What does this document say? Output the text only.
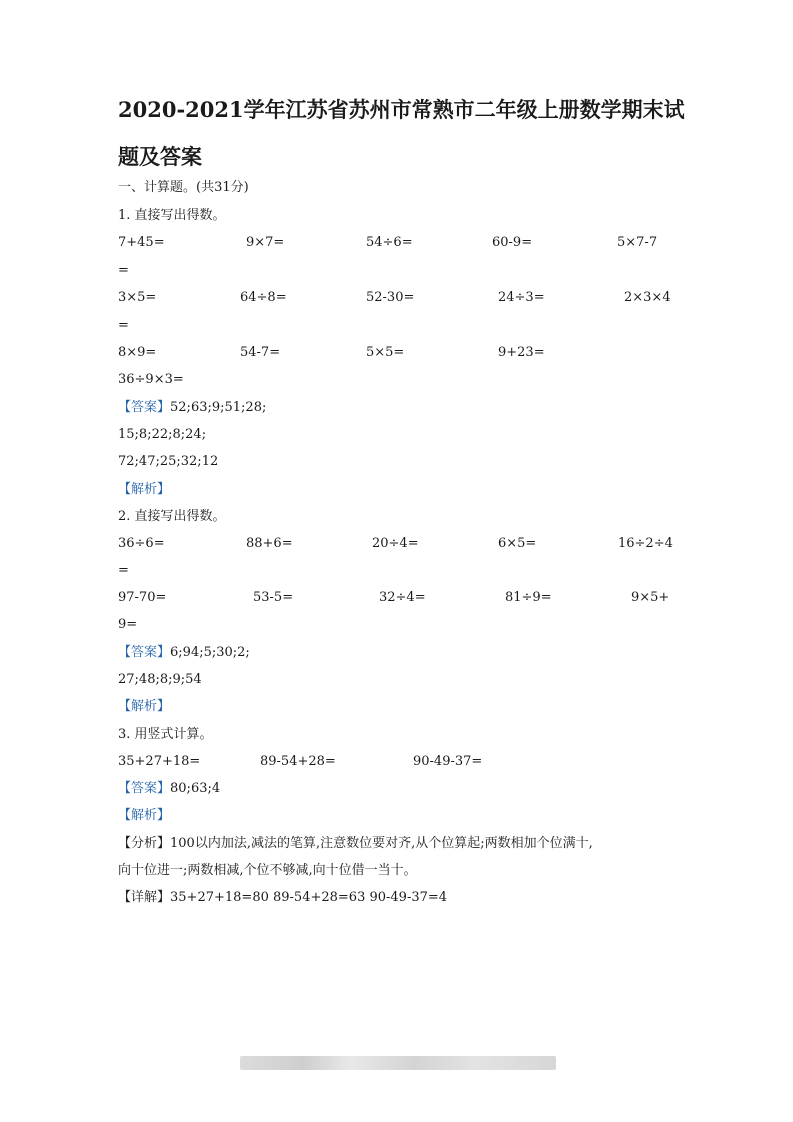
2020-2021学年江苏省苏州市常熟市二年级上册数学期末试题及答案
一、计算题。(共31分)
1. 直接写出得数。
7+45=	9×7=	54÷6=	60-9=	5×7-7
=
3×5=	64÷8=	52-30=	24÷3=	2×3×4
=
8×9=	54-7=	5×5=	9+23=
36÷9×3=
【答案】52;63;9;51;28;
15;8;22;8;24;
72;47;25;32;12
【解析】
2. 直接写出得数。
36÷6=	88+6=	20÷4=	6×5=	16÷2÷4
=
97-70=	53-5=	32÷4=	81÷9=	9×5+
9=
【答案】6;94;5;30;2;
27;48;8;9;54
【解析】
3. 用竖式计算。
35+27+18=	89-54+28=	90-49-37=
【答案】80;63;4
【解析】
【分析】100以内加法,减法的笔算,注意数位要对齐,从个位算起;两数相加个位满十,
向十位进一;两数相减,个位不够减,向十位借一当十。
【详解】35+27+18=80 89-54+28=63 90-49-37=4
